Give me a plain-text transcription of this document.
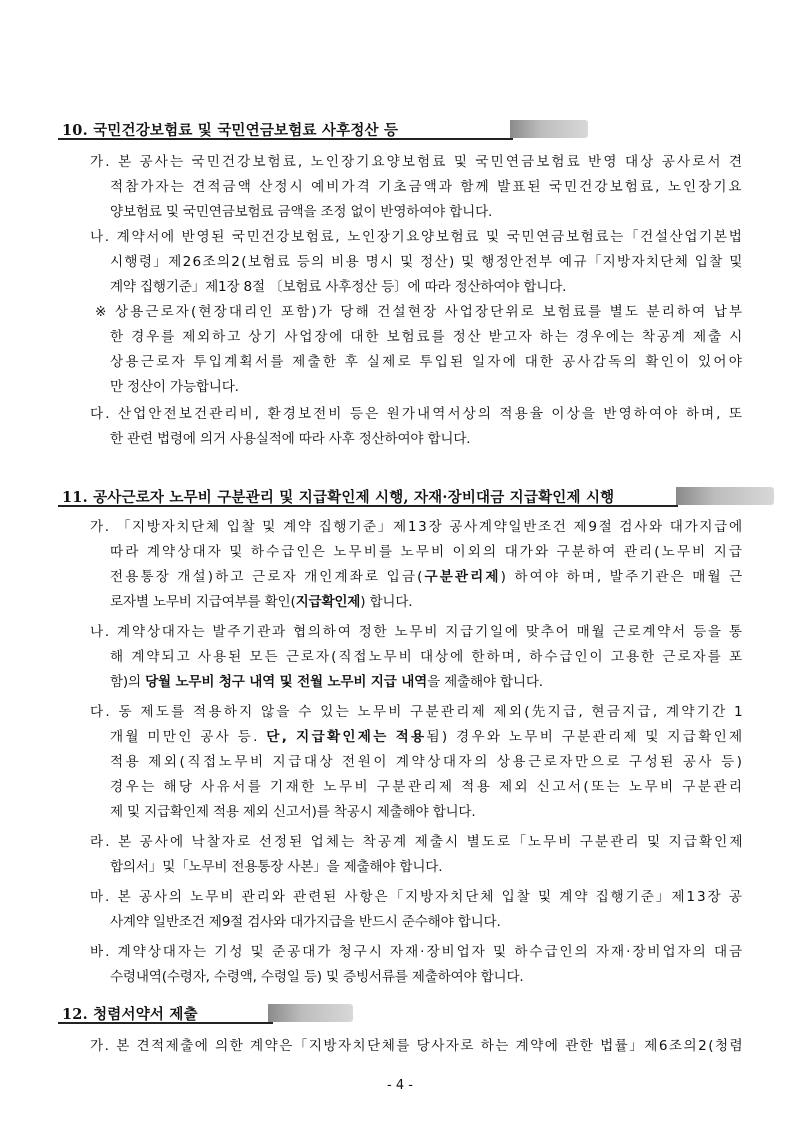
10. 국민건강보험료 및 국민연금보험료 사후정산 등
가. 본 공사는 국민건강보험료, 노인장기요양보험료 및 국민연금보험료 반영 대상 공사로서 견
적참가자는 견적금액 산정시 예비가격 기초금액과 함께 발표된 국민건강보험료, 노인장기요
양보험료 및 국민연금보험료 금액을 조정 없이 반영하여야 합니다.
나. 계약서에 반영된 국민건강보험료, 노인장기요양보험료 및 국민연금보험료는「건설산업기본법
시행령」제26조의2(보험료 등의 비용 명시 및 정산) 및 행정안전부 예규「지방자치단체 입찰 및
계약 집행기준」제1장 8절 〔보험료 사후정산 등〕에 따라 정산하여야 합니다.
※ 상용근로자(현장대리인 포함)가 당해 건설현장 사업장단위로 보험료를 별도 분리하여 납부
한 경우를 제외하고 상기 사업장에 대한 보험료를 정산 받고자 하는 경우에는 착공계 제출 시
상용근로자 투입계획서를 제출한 후 실제로 투입된 일자에 대한 공사감독의 확인이 있어야
만 정산이 가능합니다.
다. 산업안전보건관리비, 환경보전비 등은 원가내역서상의 적용율 이상을 반영하여야 하며, 또
한 관련 법령에 의거 사용실적에 따라 사후 정산하여야 합니다.
11. 공사근로자 노무비 구분관리 및 지급확인제 시행, 자재·장비대금 지급확인제 시행
가. 「지방자치단체 입찰 및 계약 집행기준」제13장 공사계약일반조건 제9절 검사와 대가지급에
따라 계약상대자 및 하수급인은 노무비를 노무비 이외의 대가와 구분하여 관리(노무비 지급
전용통장 개설)하고 근로자 개인계좌로 입금(구분관리제) 하여야 하며, 발주기관은 매월 근
로자별 노무비 지급여부를 확인(지급확인제) 합니다.
나. 계약상대자는 발주기관과 협의하여 정한 노무비 지급기일에 맞추어 매월 근로계약서 등을 통
해 계약되고 사용된 모든 근로자(직접노무비 대상에 한하며, 하수급인이 고용한 근로자를 포
함)의 당월 노무비 청구 내역 및 전월 노무비 지급 내역을 제출해야 합니다.
다. 동 제도를 적용하지 않을 수 있는 노무비 구분관리제 제외(先지급, 현금지급, 계약기간 1
개월 미만인 공사 등. 단, 지급확인제는 적용됨) 경우와 노무비 구분관리제 및 지급확인제
적용 제외(직접노무비 지급대상 전원이 계약상대자의 상용근로자만으로 구성된 공사 등)
경우는 해당 사유서를 기재한 노무비 구분관리제 적용 제외 신고서(또는 노무비 구분관리
제 및 지급확인제 적용 제외 신고서)를 착공시 제출해야 합니다.
라. 본 공사에 낙찰자로 선정된 업체는 착공계 제출시 별도로「노무비 구분관리 및 지급확인제
합의서」및「노무비 전용통장 사본」을 제출해야 합니다.
마. 본 공사의 노무비 관리와 관련된 사항은「지방자치단체 입찰 및 계약 집행기준」제13장 공
사계약 일반조건 제9절 검사와 대가지급을 반드시 준수해야 합니다.
바. 계약상대자는 기성 및 준공대가 청구시 자재·장비업자 및 하수급인의 자재·장비업자의 대금
수령내역(수령자, 수령액, 수령일 등) 및 증빙서류를 제출하여야 합니다.
12. 청렴서약서 제출
가. 본 견적제출에 의한 계약은「지방자치단체를 당사자로 하는 계약에 관한 법률」제6조의2(청렴
- 4 -
